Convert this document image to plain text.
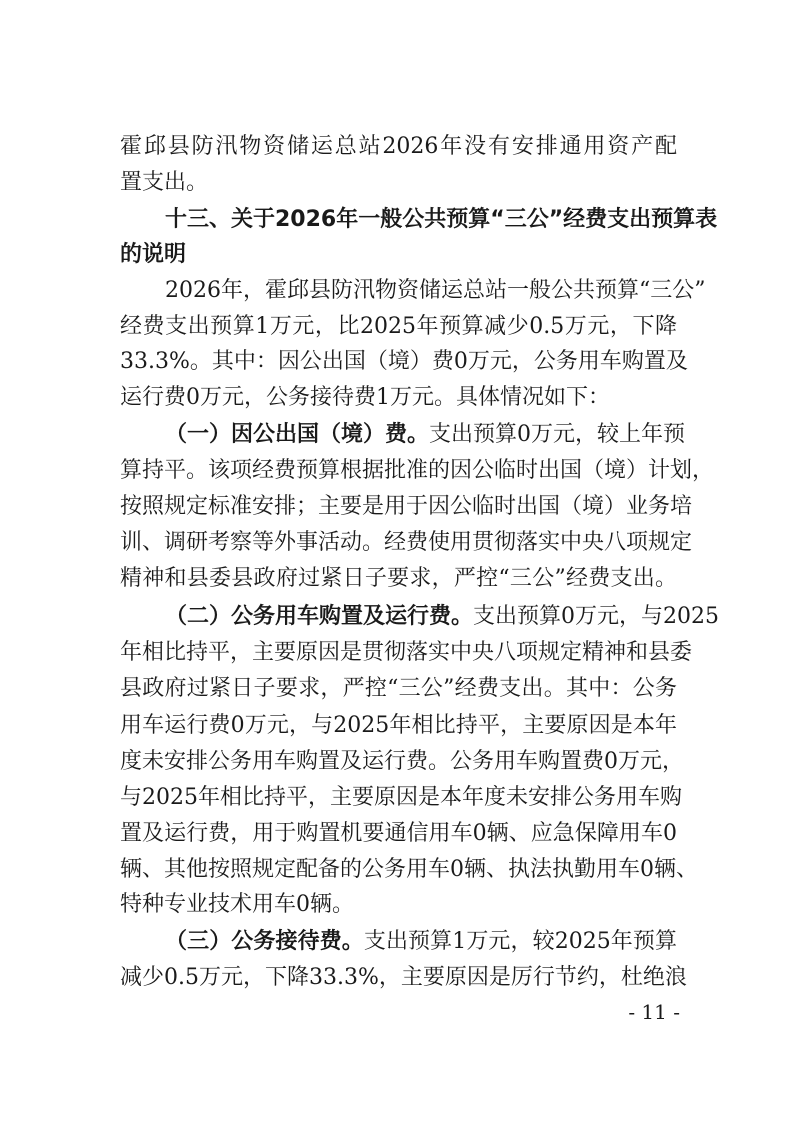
霍邱县防汛物资储运总站2026年没有安排通用资产配
置支出。
十三、关于2026年一般公共预算“三公”经费支出预算表
的说明
2026年，霍邱县防汛物资储运总站一般公共预算“三公”
经费支出预算1万元，比2025年预算减少0.5万元，下降
33.3%。其中：因公出国（境）费0万元，公务用车购置及
运行费0万元，公务接待费1万元。具体情况如下：
（一）因公出国（境）费。支出预算0万元，较上年预
算持平。该项经费预算根据批准的因公临时出国（境）计划，
按照规定标准安排；主要是用于因公临时出国（境）业务培
训、调研考察等外事活动。经费使用贯彻落实中央八项规定
精神和县委县政府过紧日子要求，严控“三公”经费支出。
（二）公务用车购置及运行费。支出预算0万元，与2025
年相比持平，主要原因是贯彻落实中央八项规定精神和县委
县政府过紧日子要求，严控“三公”经费支出。其中：公务
用车运行费0万元，与2025年相比持平，主要原因是本年
度未安排公务用车购置及运行费。公务用车购置费0万元，
与2025年相比持平，主要原因是本年度未安排公务用车购
置及运行费，用于购置机要通信用车0辆、应急保障用车0
辆、其他按照规定配备的公务用车0辆、执法执勤用车0辆、
特种专业技术用车0辆。
（三）公务接待费。支出预算1万元，较2025年预算
减少0.5万元，下降33.3%，主要原因是厉行节约，杜绝浪
- 11 -
